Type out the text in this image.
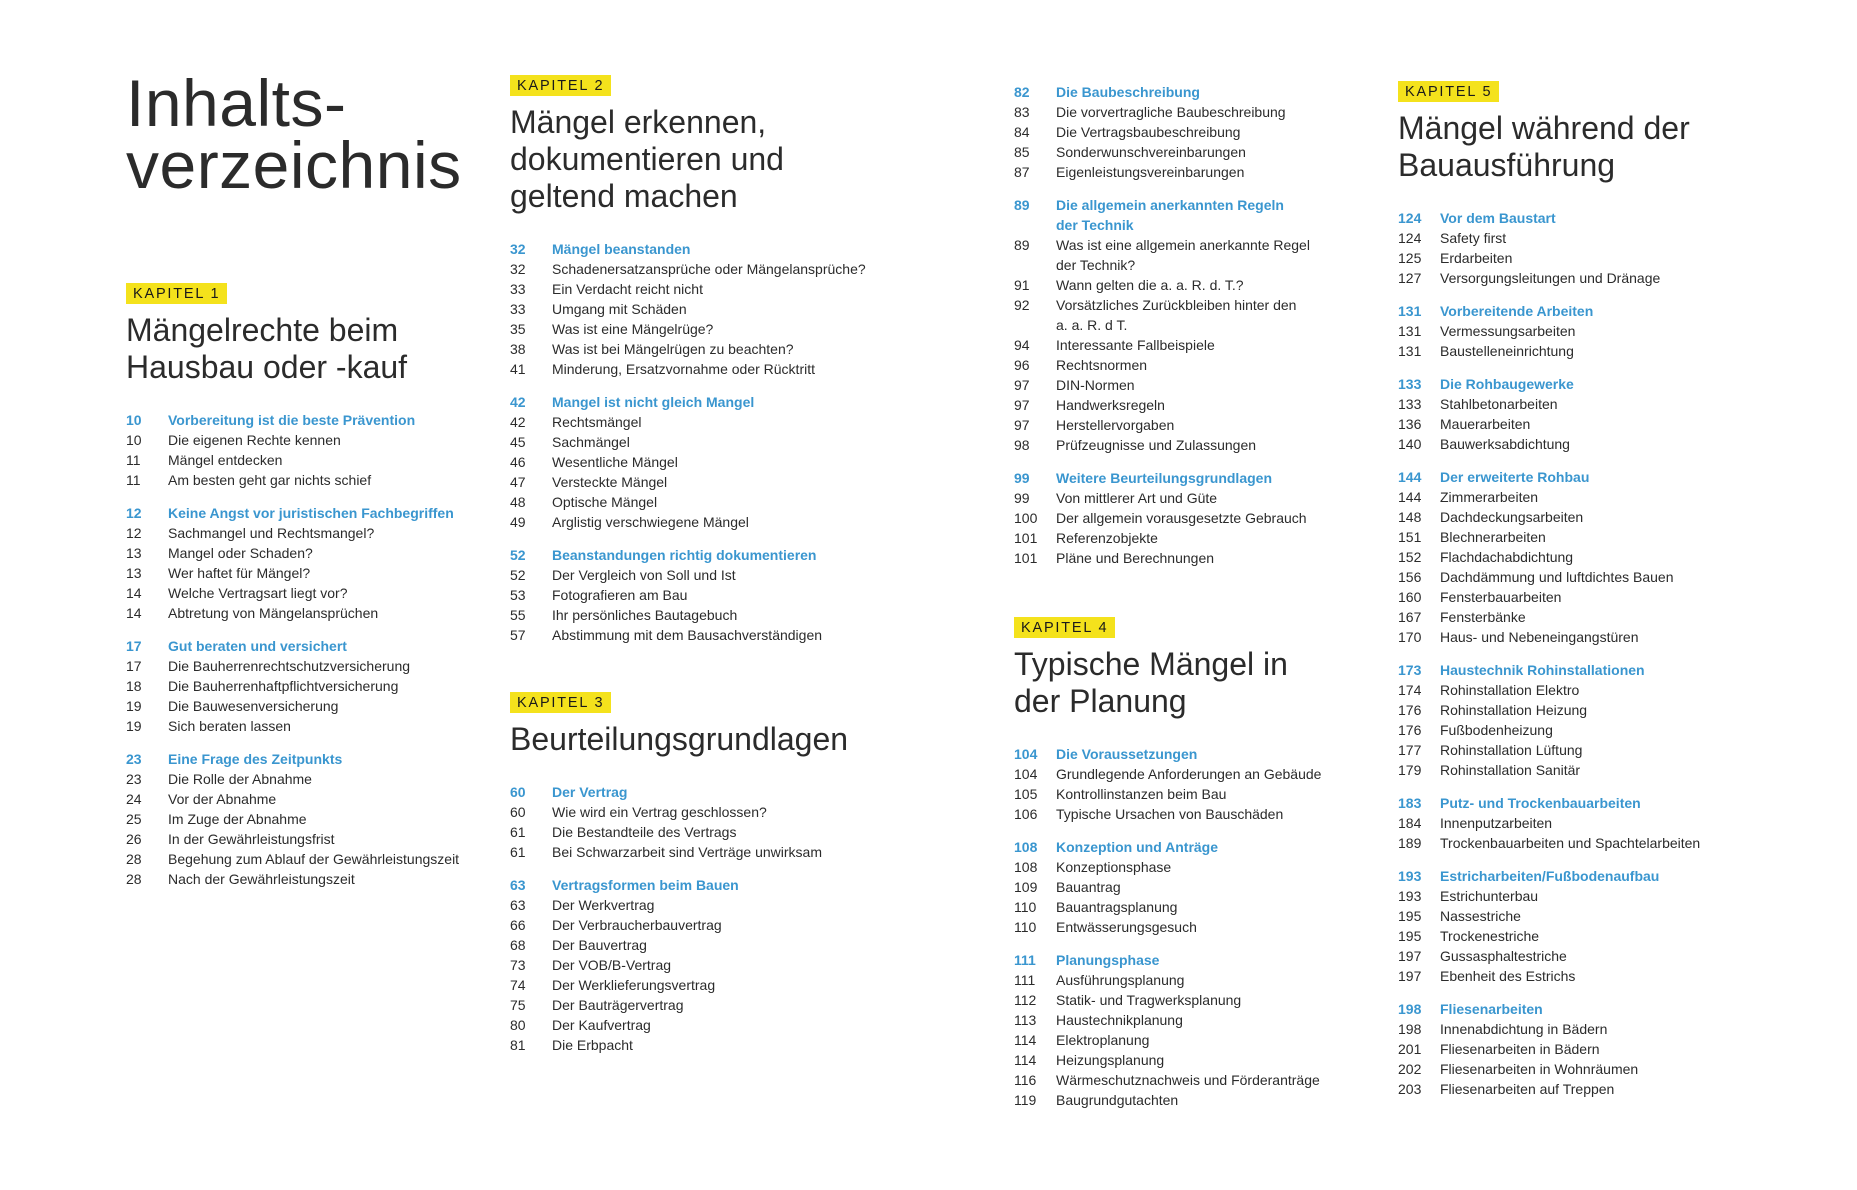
Inhalts-
verzeichnis
KAPITEL 1
Mängelrechte beim
Hausbau oder -kauf
10	Vorbereitung ist die beste Prävention
10	Die eigenen Rechte kennen
11	Mängel entdecken
11	Am besten geht gar nichts schief
12	Keine Angst vor juristischen Fachbegriffen
12	Sachmangel und Rechtsmangel?
13	Mangel oder Schaden?
13	Wer haftet für Mängel?
14	Welche Vertragsart liegt vor?
14	Abtretung von Mängelansprüchen
17	Gut beraten und versichert
17	Die Bauherrenrechtschutzversicherung
18	Die Bauherrenhaftpflichtversicherung
19	Die Bauwesenversicherung
19	Sich beraten lassen
23	Eine Frage des Zeitpunkts
23	Die Rolle der Abnahme
24	Vor der Abnahme
25	Im Zuge der Abnahme
26	In der Gewährleistungsfrist
28	Begehung zum Ablauf der Gewährleistungszeit
28	Nach der Gewährleistungszeit
KAPITEL 2
Mängel erkennen,
dokumentieren und
geltend machen
32	Mängel beanstanden
32	Schadenersatzansprüche oder Mängelansprüche?
33	Ein Verdacht reicht nicht
33	Umgang mit Schäden
35	Was ist eine Mängelrüge?
38	Was ist bei Mängelrügen zu beachten?
41	Minderung, Ersatzvornahme oder Rücktritt
42	Mangel ist nicht gleich Mangel
42	Rechtsmängel
45	Sachmängel
46	Wesentliche Mängel
47	Versteckte Mängel
48	Optische Mängel
49	Arglistig verschwiegene Mängel
52	Beanstandungen richtig dokumentieren
52	Der Vergleich von Soll und Ist
53	Fotografieren am Bau
55	Ihr persönliches Bautagebuch
57	Abstimmung mit dem Bausachverständigen
KAPITEL 3
Beurteilungsgrundlagen
60	Der Vertrag
60	Wie wird ein Vertrag geschlossen?
61	Die Bestandteile des Vertrags
61	Bei Schwarzarbeit sind Verträge unwirksam
63	Vertragsformen beim Bauen
63	Der Werkvertrag
66	Der Verbraucherbauvertrag
68	Der Bauvertrag
73	Der VOB/B-Vertrag
74	Der Werklieferungsvertrag
75	Der Bauträgervertrag
80	Der Kaufvertrag
81	Die Erbpacht
82	Die Baubeschreibung
83	Die vorvertragliche Baubeschreibung
84	Die Vertragsbaubeschreibung
85	Sonderwunschvereinbarungen
87	Eigenleistungsvereinbarungen
89	Die allgemein anerkannten Regeln
der Technik
89	Was ist eine allgemein anerkannte Regel
der Technik?
91	Wann gelten die a. a. R. d. T.?
92	Vorsätzliches Zurückbleiben hinter den
a. a. R. d T.
94	Interessante Fallbeispiele
96	Rechtsnormen
97	DIN-Normen
97	Handwerksregeln
97	Herstellervorgaben
98	Prüfzeugnisse und Zulassungen
99	Weitere Beurteilungsgrundlagen
99	Von mittlerer Art und Güte
100	Der allgemein vorausgesetzte Gebrauch
101	Referenzobjekte
101	Pläne und Berechnungen
KAPITEL 4
Typische Mängel in
der Planung
104	Die Voraussetzungen
104	Grundlegende Anforderungen an Gebäude
105	Kontrollinstanzen beim Bau
106	Typische Ursachen von Bauschäden
108	Konzeption und Anträge
108	Konzeptionsphase
109	Bauantrag
110	Bauantragsplanung
110	Entwässerungsgesuch
111	Planungsphase
111	Ausführungsplanung
112	Statik- und Tragwerksplanung
113	Haustechnikplanung
114	Elektroplanung
114	Heizungsplanung
116	Wärmeschutznachweis und Förderanträge
119	Baugrundgutachten
KAPITEL 5
Mängel während der
Bauausführung
124	Vor dem Baustart
124	Safety first
125	Erdarbeiten
127	Versorgungsleitungen und Dränage
131	Vorbereitende Arbeiten
131	Vermessungsarbeiten
131	Baustelleneinrichtung
133	Die Rohbaugewerke
133	Stahlbetonarbeiten
136	Mauerarbeiten
140	Bauwerksabdichtung
144	Der erweiterte Rohbau
144	Zimmerarbeiten
148	Dachdeckungsarbeiten
151	Blechnerarbeiten
152	Flachdachabdichtung
156	Dachdämmung und luftdichtes Bauen
160	Fensterbauarbeiten
167	Fensterbänke
170	Haus- und Nebeneingangstüren
173	Haustechnik Rohinstallationen
174	Rohinstallation Elektro
176	Rohinstallation Heizung
176	Fußbodenheizung
177	Rohinstallation Lüftung
179	Rohinstallation Sanitär
183	Putz- und Trockenbauarbeiten
184	Innenputzarbeiten
189	Trockenbauarbeiten und Spachtelarbeiten
193	Estricharbeiten/Fußbodenaufbau
193	Estrichunterbau
195	Nassestriche
195	Trockenestriche
197	Gussasphaltestriche
197	Ebenheit des Estrichs
198	Fliesenarbeiten
198	Innenabdichtung in Bädern
201	Fliesenarbeiten in Bädern
202	Fliesenarbeiten in Wohnräumen
203	Fliesenarbeiten auf Treppen
